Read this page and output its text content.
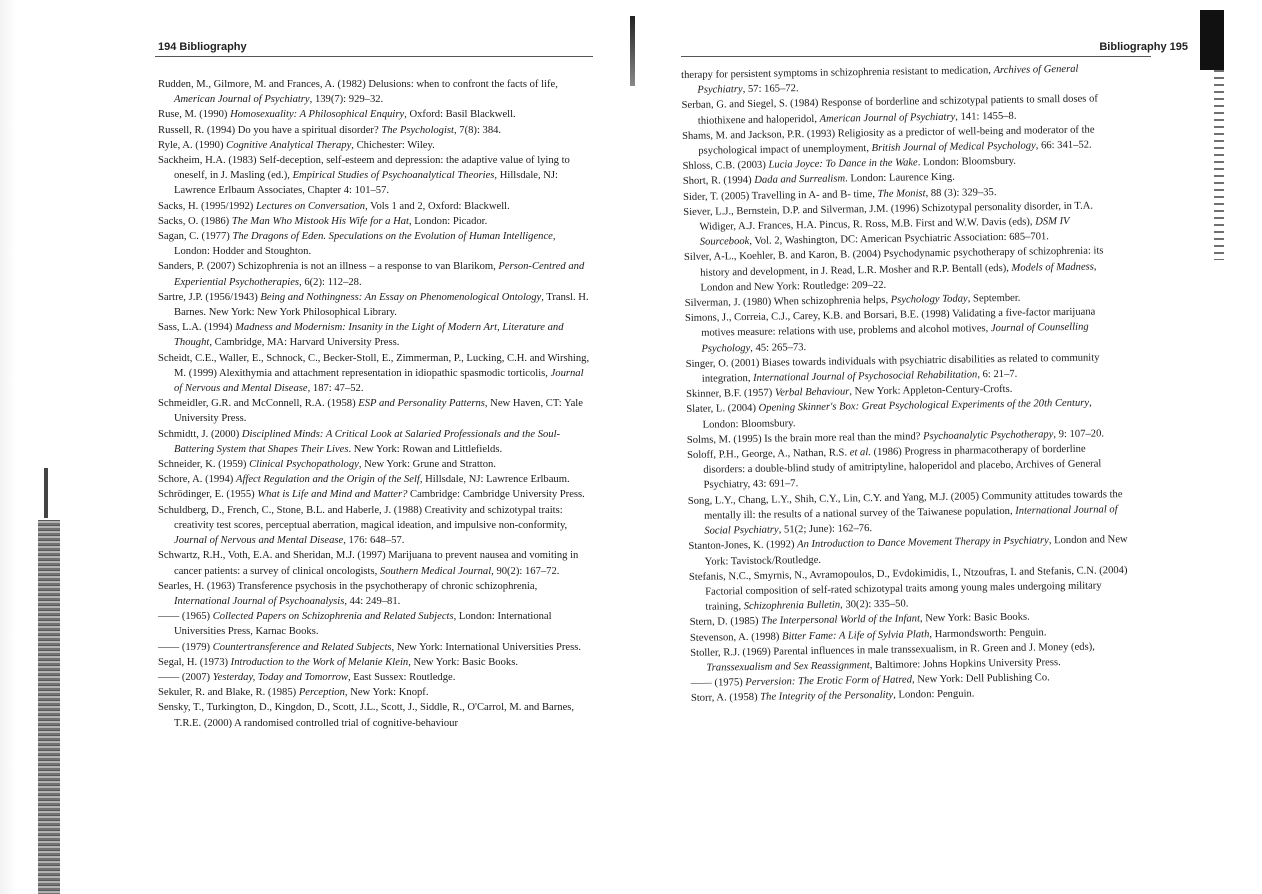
194 Bibliography

Rudden, M., Gilmore, M. and Frances, A. (1982) Delusions: when to confront the facts of life, American Journal of Psychiatry, 139(7): 929–32.

Ruse, M. (1990) Homosexuality: A Philosophical Enquiry, Oxford: Basil Blackwell.

Russell, R. (1994) Do you have a spiritual disorder? The Psychologist, 7(8): 384.

Ryle, A. (1990) Cognitive Analytical Therapy, Chichester: Wiley.

Sackheim, H.A. (1983) Self-deception, self-esteem and depression: the adaptive value of lying to oneself, in J. Masling (ed.), Empirical Studies of Psychoanalytical Theories, Hillsdale, NJ: Lawrence Erlbaum Associates, Chapter 4: 101–57.

Sacks, H. (1995/1992) Lectures on Conversation, Vols 1 and 2, Oxford: Blackwell.

Sacks, O. (1986) The Man Who Mistook His Wife for a Hat, London: Picador.

Sagan, C. (1977) The Dragons of Eden. Speculations on the Evolution of Human Intelligence, London: Hodder and Stoughton.

Sanders, P. (2007) Schizophrenia is not an illness – a response to van Blarikom, Person-Centred and Experiential Psychotherapies, 6(2): 112–28.

Sartre, J.P. (1956/1943) Being and Nothingness: An Essay on Phenomenological Ontology, Transl. H. Barnes. New York: New York Philosophical Library.

Sass, L.A. (1994) Madness and Modernism: Insanity in the Light of Modern Art, Literature and Thought, Cambridge, MA: Harvard University Press.

Scheidt, C.E., Waller, E., Schnock, C., Becker-Stoll, E., Zimmerman, P., Lucking, C.H. and Wirshing, M. (1999) Alexithymia and attachment representation in idiopathic spasmodic torticolis, Journal of Nervous and Mental Disease, 187: 47–52.

Schmeidler, G.R. and McConnell, R.A. (1958) ESP and Personality Patterns, New Haven, CT: Yale University Press.

Schmidtt, J. (2000) Disciplined Minds: A Critical Look at Salaried Professionals and the Soul-Battering System that Shapes Their Lives. New York: Rowan and Littlefields.

Schneider, K. (1959) Clinical Psychopathology, New York: Grune and Stratton.

Schore, A. (1994) Affect Regulation and the Origin of the Self, Hillsdale, NJ: Lawrence Erlbaum.

Schrödinger, E. (1955) What is Life and Mind and Matter? Cambridge: Cambridge University Press.

Schuldberg, D., French, C., Stone, B.L. and Haberle, J. (1988) Creativity and schizotypal traits: creativity test scores, perceptual aberration, magical ideation, and impulsive non-conformity, Journal of Nervous and Mental Disease, 176: 648–57.

Schwartz, R.H., Voth, E.A. and Sheridan, M.J. (1997) Marijuana to prevent nausea and vomiting in cancer patients: a survey of clinical oncologists, Southern Medical Journal, 90(2): 167–72.

Searles, H. (1963) Transference psychosis in the psychotherapy of chronic schizophrenia, International Journal of Psychoanalysis, 44: 249–81.

—— (1965) Collected Papers on Schizophrenia and Related Subjects, London: International Universities Press, Karnac Books.

—— (1979) Countertransference and Related Subjects, New York: International Universities Press.

Segal, H. (1973) Introduction to the Work of Melanie Klein, New York: Basic Books.

—— (2007) Yesterday, Today and Tomorrow, East Sussex: Routledge.

Sekuler, R. and Blake, R. (1985) Perception, New York: Knopf.

Sensky, T., Turkington, D., Kingdon, D., Scott, J.L., Scott, J., Siddle, R., O'Carrol, M. and Barnes, T.R.E. (2000) A randomised controlled trial of cognitive-behaviour

Bibliography 195

therapy for persistent symptoms in schizophrenia resistant to medication, Archives of General Psychiatry, 57: 165–72.

Serban, G. and Siegel, S. (1984) Response of borderline and schizotypal patients to small doses of thiothixene and haloperidol, American Journal of Psychiatry, 141: 1455–8.

Shams, M. and Jackson, P.R. (1993) Religiosity as a predictor of well-being and moderator of the psychological impact of unemployment, British Journal of Medical Psychology, 66: 341–52.

Shloss, C.B. (2003) Lucia Joyce: To Dance in the Wake. London: Bloomsbury.

Short, R. (1994) Dada and Surrealism. London: Laurence King.

Sider, T. (2005) Travelling in A- and B- time, The Monist, 88 (3): 329–35.

Siever, L.J., Bernstein, D.P. and Silverman, J.M. (1996) Schizotypal personality disorder, in T.A. Widiger, A.J. Frances, H.A. Pincus, R. Ross, M.B. First and W.W. Davis (eds), DSM IV Sourcebook, Vol. 2, Washington, DC: American Psychiatric Association: 685–701.

Silver, A-L., Koehler, B. and Karon, B. (2004) Psychodynamic psychotherapy of schizophrenia: its history and development, in J. Read, L.R. Mosher and R.P. Bentall (eds), Models of Madness, London and New York: Routledge: 209–22.

Silverman, J. (1980) When schizophrenia helps, Psychology Today, September.

Simons, J., Correia, C.J., Carey, K.B. and Borsari, B.E. (1998) Validating a five-factor marijuana motives measure: relations with use, problems and alcohol motives, Journal of Counselling Psychology, 45: 265–73.

Singer, O. (2001) Biases towards individuals with psychiatric disabilities as related to community integration, International Journal of Psychosocial Rehabilitation, 6: 21–7.

Skinner, B.F. (1957) Verbal Behaviour, New York: Appleton-Century-Crofts.

Slater, L. (2004) Opening Skinner's Box: Great Psychological Experiments of the 20th Century, London: Bloomsbury.

Solms, M. (1995) Is the brain more real than the mind? Psychoanalytic Psychotherapy, 9: 107–20.

Soloff, P.H., George, A., Nathan, R.S. et al. (1986) Progress in pharmacotherapy of borderline disorders: a double-blind study of amitriptyline, haloperidol and placebo, Archives of General Psychiatry, 43: 691–7.

Song, L.Y., Chang, L.Y., Shih, C.Y., Lin, C.Y. and Yang, M.J. (2005) Community attitudes towards the mentally ill: the results of a national survey of the Taiwanese population, International Journal of Social Psychiatry, 51(2; June): 162–76.

Stanton-Jones, K. (1992) An Introduction to Dance Movement Therapy in Psychiatry, London and New York: Tavistock/Routledge.

Stefanis, N.C., Smyrnis, N., Avramopoulos, D., Evdokimidis, I., Ntzoufras, I. and Stefanis, C.N. (2004) Factorial composition of self-rated schizotypal traits among young males undergoing military training, Schizophrenia Bulletin, 30(2): 335–50.

Stern, D. (1985) The Interpersonal World of the Infant, New York: Basic Books.

Stevenson, A. (1998) Bitter Fame: A Life of Sylvia Plath, Harmondsworth: Penguin.

Stoller, R.J. (1969) Parental influences in male transsexualism, in R. Green and J. Money (eds), Transsexualism and Sex Reassignment, Baltimore: Johns Hopkins University Press.

—— (1975) Perversion: The Erotic Form of Hatred, New York: Dell Publishing Co.

Storr, A. (1958) The Integrity of the Personality, London: Penguin.
